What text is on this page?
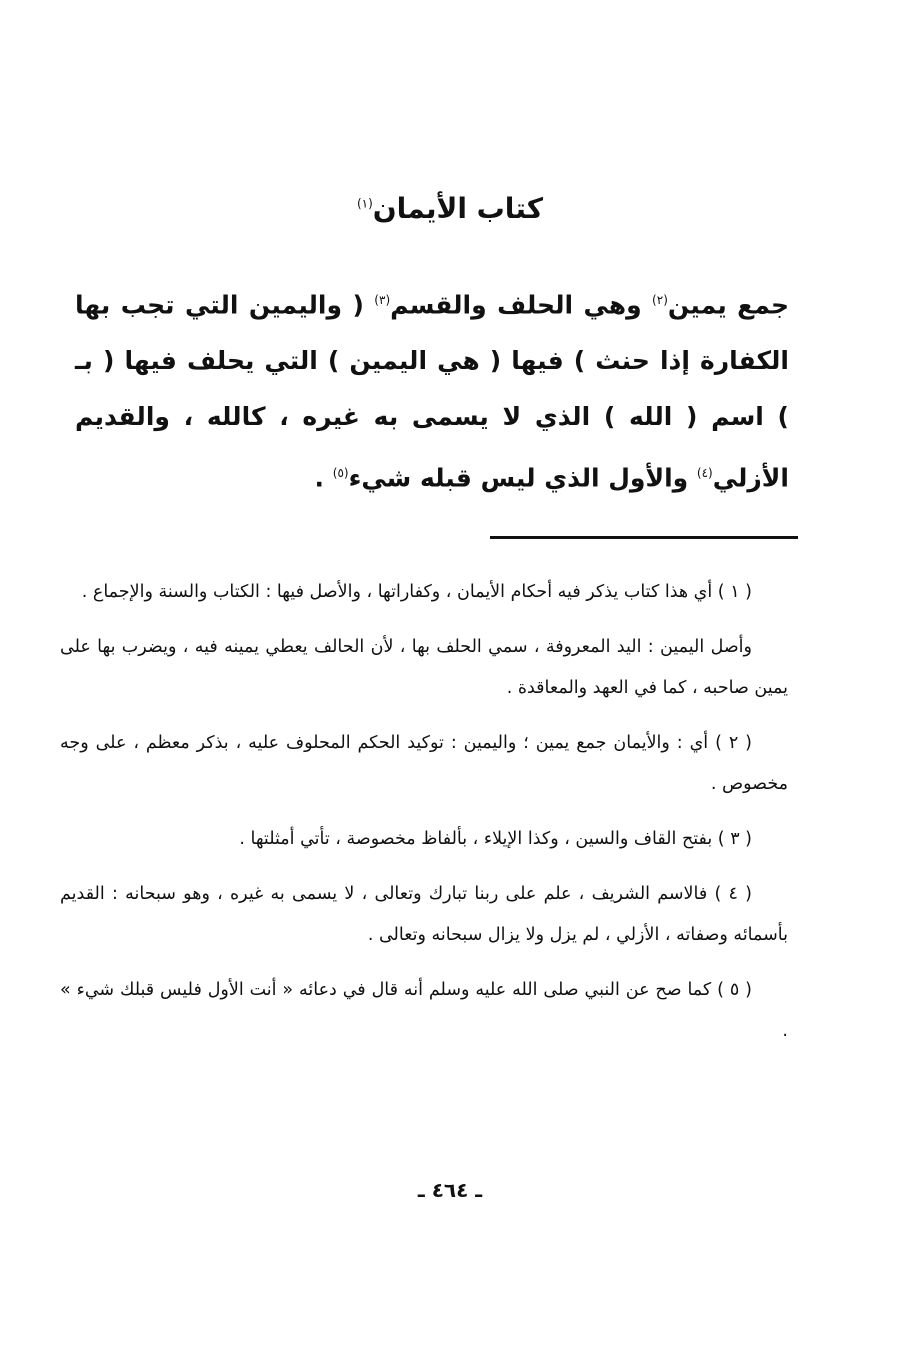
كتاب الأيمان$^{(١)}$

جمع يمين$^{(٢)}$ وهي الحلف والقسم$^{(٣)}$ ( واليمين التي تجب بها الكفارة إذا حنث ) فيها ( هي اليمين ) التي يحلف فيها ( بـ ) اسم ( الله ) الذي لا يسمى به غيره ، كالله ، والقديم الأزلي$^{(٤)}$ والأول الذي ليس قبله شيء$^{(٥)}$ .

( ١ ) أي هذا كتاب يذكر فيه أحكام الأيمان ، وكفاراتها ، والأصل فيها : الكتاب والسنة والإجماع .

وأصل اليمين : اليد المعروفة ، سمي الحلف بها ، لأن الحالف يعطي يمينه فيه ، ويضرب بها على يمين صاحبه ، كما في العهد والمعاقدة .

( ٢ ) أي : والأيمان جمع يمين ؛ واليمين : توكيد الحكم المحلوف عليه ، بذكر معظم ، على وجه مخصوص .

( ٣ ) بفتح القاف والسين ، وكذا الإيلاء ، بألفاظ مخصوصة ، تأتي أمثلتها .

( ٤ ) فالاسم الشريف ، علم على ربنا تبارك وتعالى ، لا يسمى به غيره ، وهو سبحانه : القديم بأسمائه وصفاته ، الأزلي ، لم يزل ولا يزال سبحانه وتعالى .

( ٥ ) كما صح عن النبي صلى الله عليه وسلم أنه قال في دعائه « أنت الأول فليس قبلك شيء » .

ـ ٤٦٤ ـ
